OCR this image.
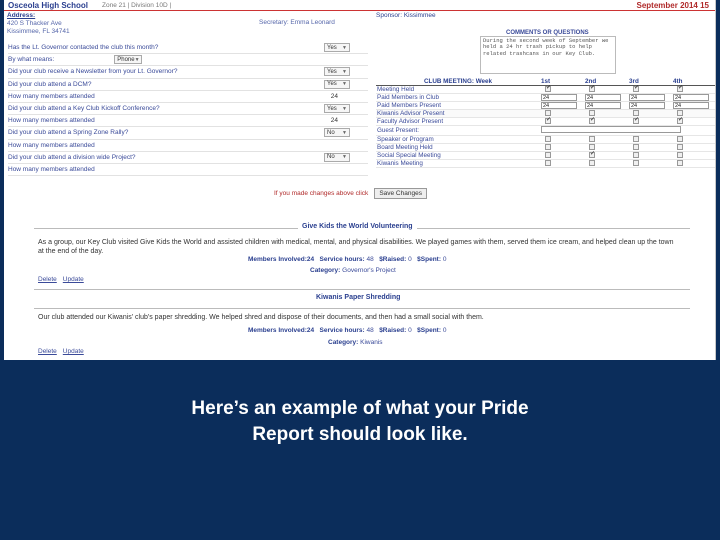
Osceola High School Zone 21 | Division 10D |
Sponsor: Kissimmee
September 2014 15
Address:
420 S Thacker Ave
Kissimmee, FL 34741
Secretary: Emma Leonard
Has the Lt. Governor contacted the club this month?	Yes ▼
By what means:	Phone ▼
Did your club receive a Newsletter from your Lt. Governor?	Yes ▼
Did your club attend a DCM?	Yes ▼
How many members attended	24
Did your club attend a Key Club Kickoff Conference?	Yes ▼
How many members attended	24
Did your club attend a Spring Zone Rally?	No ▼
How many members attended
Did your club attend a division wide Project?	No ▼
How many members attended
COMMENTS OR QUESTIONS
During the second week of September we held a 24 hr trash pickup to help related trashcans in our Key Club.
CLUB MEETING: Week	1st	2nd	3rd	4th
Meeting Held	✓	✓	✓	✓
Paid Members in Club	24	24	24	24
Paid Members Present	24	24	24	24
Kiwanis Advisor Present				
Faculty Advisor Present	✓	✓	✓	✓
Guest Present:				
Speaker or Program				
Board Meeting Held				
Social Special Meeting		✓		
Kiwanis Meeting				
If you made changes above click	Save Changes
Give Kids the World Volunteering
As a group, our Key Club visited Give Kids the World and assisted children with medical, mental, and physical disabilities. We played games with them, served them ice cream, and helped clean up the town at the end of the day.
Members Involved:24 Service hours: 48 $Raised: 0 $Spent: 0
Category: Governor's Project
Delete Update
Kiwanis Paper Shredding
Our club attended our Kiwanis' club's paper shredding. We helped shred and dispose of their documents, and then had a small social with them.
Members Involved:24 Service hours: 48 $Raised: 0 $Spent: 0
Category: Kiwanis
Delete Update
Here’s an example of what your Pride
Report should look like.
